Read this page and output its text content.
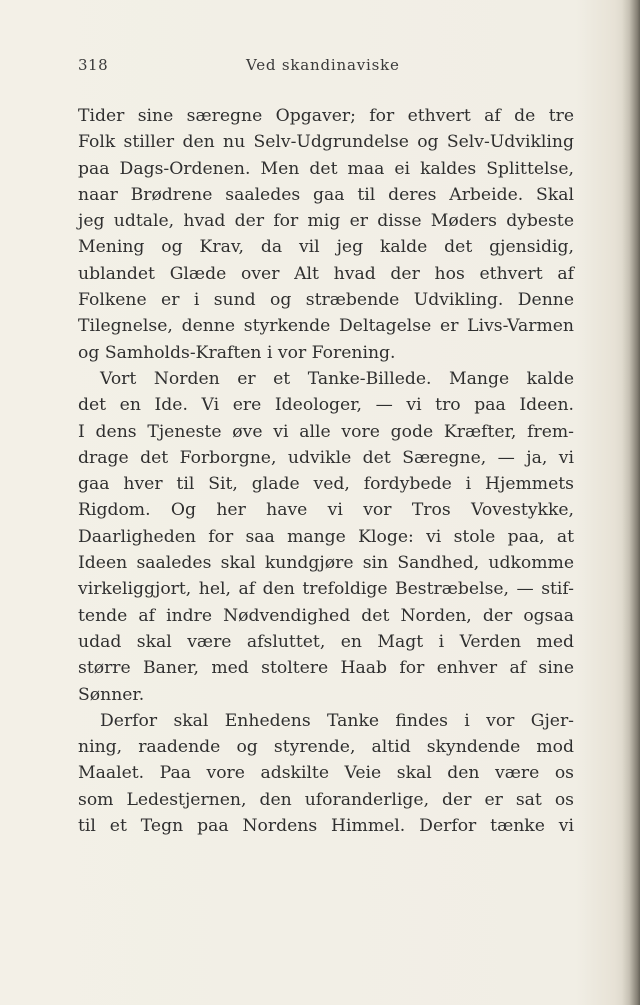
318	Ved skandinaviske
Tider sine særegne Opgaver; for ethvert af de tre
Folk stiller den nu Selv-Udgrundelse og Selv-Udvikling
paa Dags-Ordenen. Men det maa ei kaldes Splittelse,
naar Brødrene saaledes gaa til deres Arbeide. Skal
jeg udtale, hvad der for mig er disse Møders dybeste
Mening og Krav, da vil jeg kalde det gjensidig,
ublandet Glæde over Alt hvad der hos ethvert af
Folkene er i sund og stræbende Udvikling. Denne
Tilegnelse, denne styrkende Deltagelse er Livs-Varmen
og Samholds-Kraften i vor Forening.
Vort Norden er et Tanke-Billede. Mange kalde
det en Ide. Vi ere Ideologer, — vi tro paa Ideen.
I dens Tjeneste øve vi alle vore gode Kræfter, frem-
drage det Forborgne, udvikle det Særegne, — ja, vi
gaa hver til Sit, glade ved, fordybede i Hjemmets
Rigdom. Og her have vi vor Tros Vovestykke,
Daarligheden for saa mange Kloge: vi stole paa, at
Ideen saaledes skal kundgjøre sin Sandhed, udkomme
virkeliggjort, hel, af den trefoldige Bestræbelse, — stif-
tende af indre Nødvendighed det Norden, der ogsaa
udad skal være afsluttet, en Magt i Verden med
større Baner, med stoltere Haab for enhver af sine
Sønner.
Derfor skal Enhedens Tanke findes i vor Gjer-
ning, raadende og styrende, altid skyndende mod
Maalet. Paa vore adskilte Veie skal den være os
som Ledestjernen, den uforanderlige, der er sat os
til et Tegn paa Nordens Himmel. Derfor tænke vi
